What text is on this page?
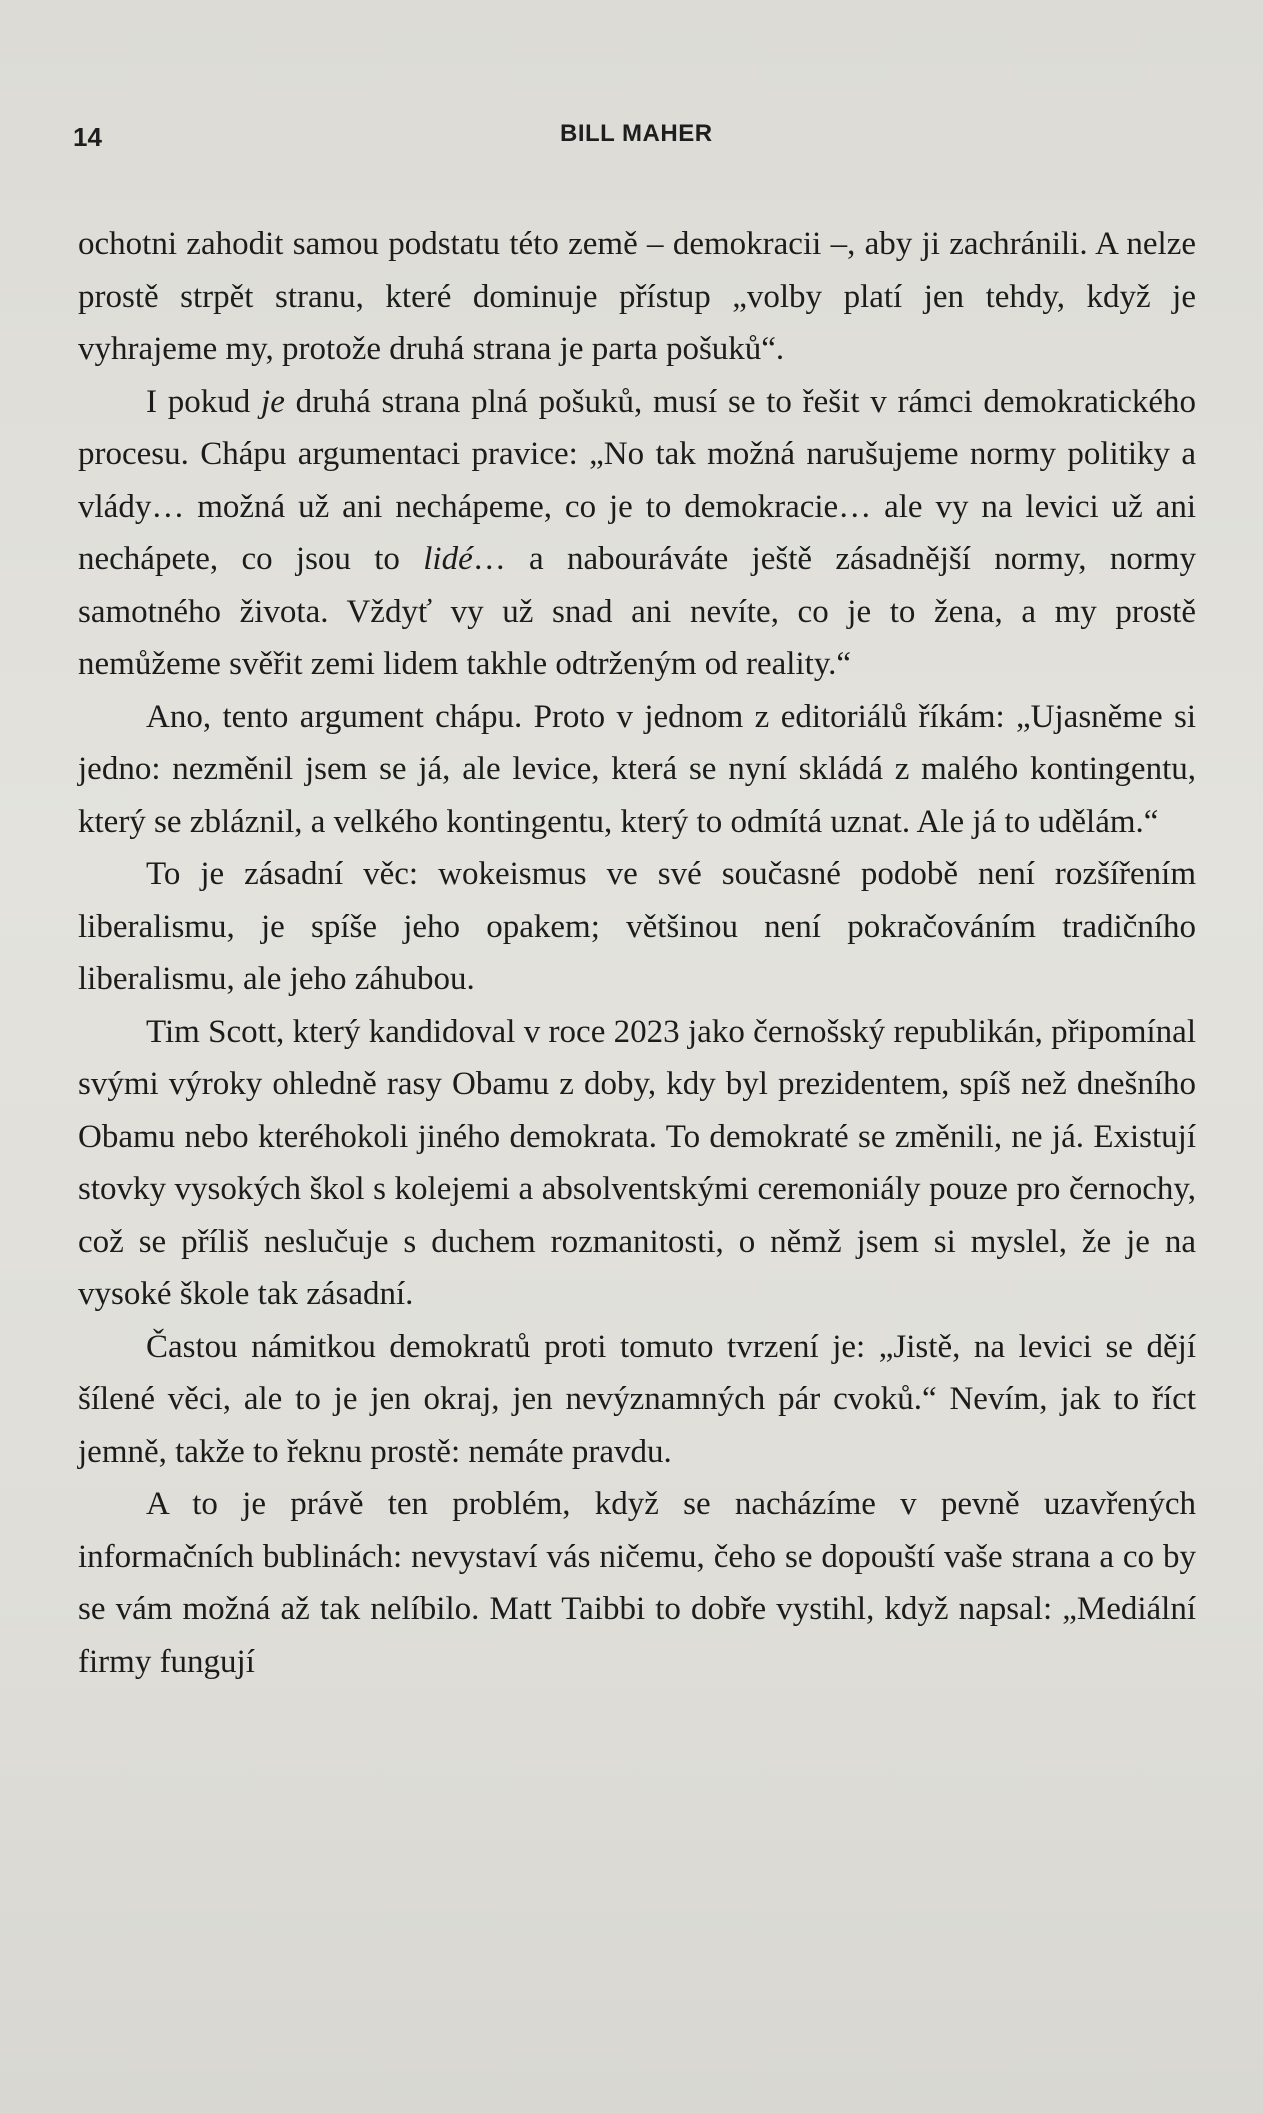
14	BILL MAHER

ochotni zahodit samou podstatu této země – demokracii –, aby ji zachránili. A nelze prostě strpět stranu, které dominuje přístup „volby platí jen tehdy, když je vyhrajeme my, protože druhá strana je parta pošuků“.

I pokud je druhá strana plná pošuků, musí se to řešit v rámci demokratického procesu. Chápu argumentaci pravice: „No tak možná narušujeme normy politiky a vlády… možná už ani nechápeme, co je to demokracie… ale vy na levici už ani nechápete, co jsou to lidé… a nabouráváte ještě zásadnější normy, normy samotného života. Vždyť vy už snad ani nevíte, co je to žena, a my prostě nemůžeme svěřit zemi lidem takhle odtrženým od reality.“

Ano, tento argument chápu. Proto v jednom z editoriálů říkám: „Ujasněme si jedno: nezměnil jsem se já, ale levice, která se nyní skládá z malého kontingentu, který se zbláznil, a velkého kontingentu, který to odmítá uznat. Ale já to udělám.“

To je zásadní věc: wokeismus ve své současné podobě není rozšířením liberalismu, je spíše jeho opakem; většinou není pokračováním tradičního liberalismu, ale jeho záhubou.

Tim Scott, který kandidoval v roce 2023 jako černošský republikán, připomínal svými výroky ohledně rasy Obamu z doby, kdy byl prezidentem, spíš než dnešního Obamu nebo kteréhokoli jiného demokrata. To demokraté se změnili, ne já. Existují stovky vysokých škol s kolejemi a absolventskými ceremoniály pouze pro černochy, což se příliš neslučuje s duchem rozmanitosti, o němž jsem si myslel, že je na vysoké škole tak zásadní.

Častou námitkou demokratů proti tomuto tvrzení je: „Jistě, na levici se dějí šílené věci, ale to je jen okraj, jen nevýznamných pár cvoků.“ Nevím, jak to říct jemně, takže to řeknu prostě: nemáte pravdu.

A to je právě ten problém, když se nacházíme v pevně uzavřených informačních bublinách: nevystaví vás ničemu, čeho se dopouští vaše strana a co by se vám možná až tak nelíbilo. Matt Taibbi to dobře vystihl, když napsal: „Mediální firmy fungují
